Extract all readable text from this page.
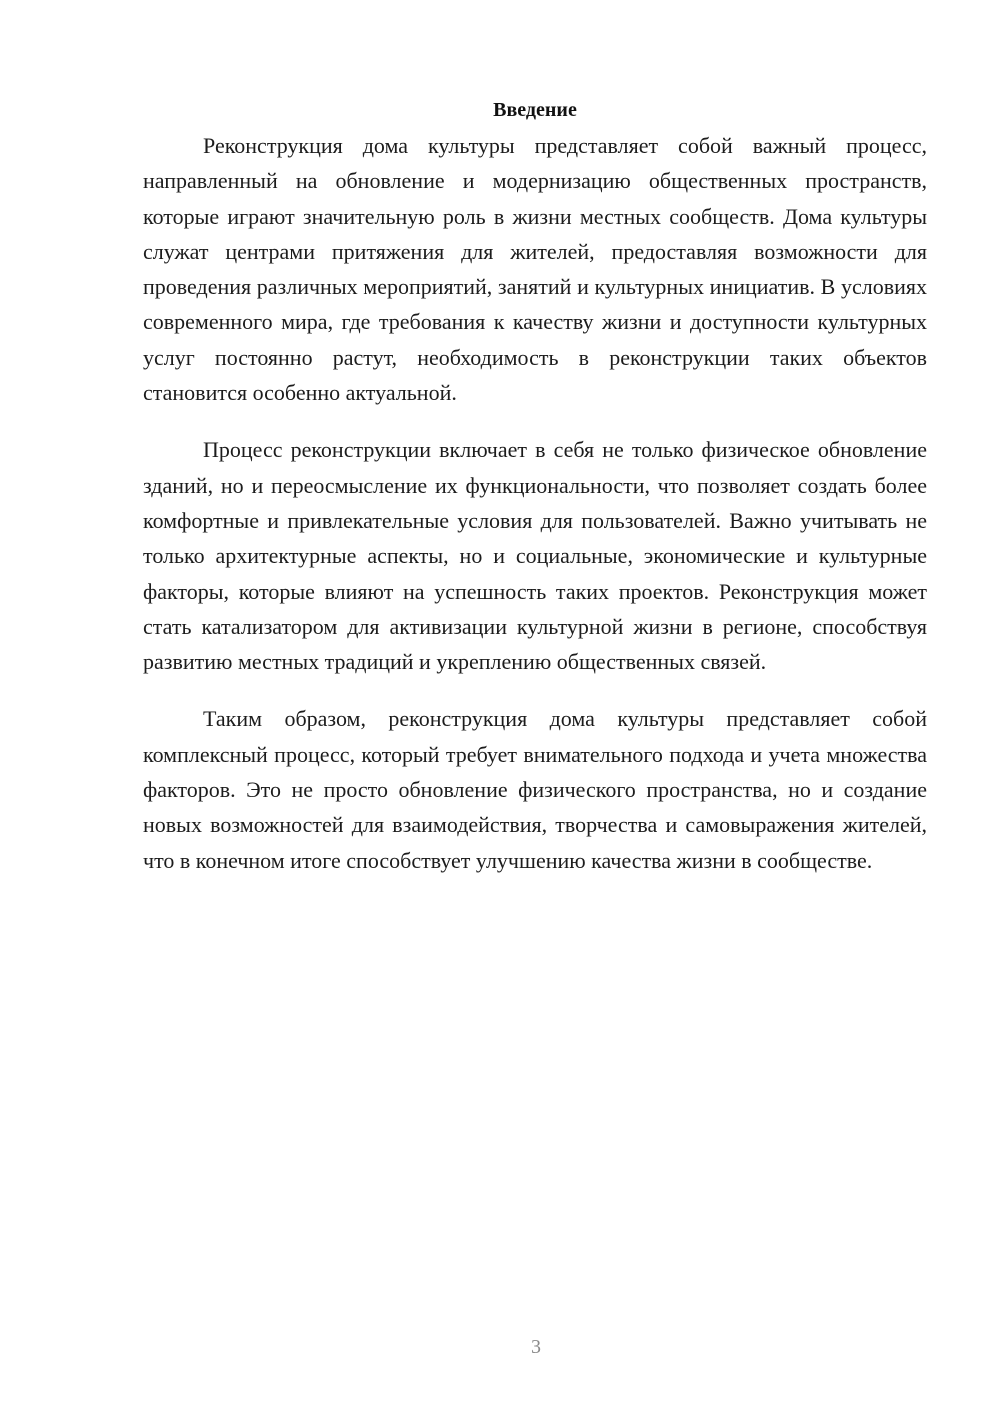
Введение

Реконструкция дома культуры представляет собой важный процесс, направленный на обновление и модернизацию общественных пространств, которые играют значительную роль в жизни местных сообществ. Дома культуры служат центрами притяжения для жителей, предоставляя возможности для проведения различных мероприятий, занятий и культурных инициатив. В условиях современного мира, где требования к качеству жизни и доступности культурных услуг постоянно растут, необходимость в реконструкции таких объектов становится особенно актуальной.

Процесс реконструкции включает в себя не только физическое обновление зданий, но и переосмысление их функциональности, что позволяет создать более комфортные и привлекательные условия для пользователей. Важно учитывать не только архитектурные аспекты, но и социальные, экономические и культурные факторы, которые влияют на успешность таких проектов. Реконструкция может стать катализатором для активизации культурной жизни в регионе, способствуя развитию местных традиций и укреплению общественных связей.

Таким образом, реконструкция дома культуры представляет собой комплексный процесс, который требует внимательного подхода и учета множества факторов. Это не просто обновление физического пространства, но и создание новых возможностей для взаимодействия, творчества и самовыражения жителей, что в конечном итоге способствует улучшению качества жизни в сообществе.

3
